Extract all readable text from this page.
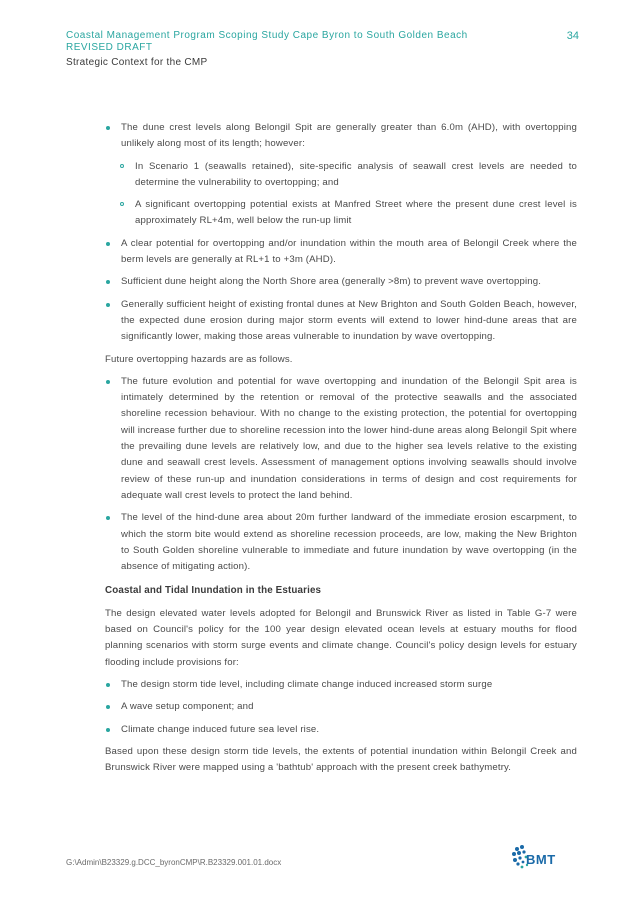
Coastal Management Program Scoping Study Cape Byron to South Golden Beach REVISED DRAFT
34
Strategic Context for the CMP
The dune crest levels along Belongil Spit are generally greater than 6.0m (AHD), with overtopping unlikely along most of its length; however:
In Scenario 1 (seawalls retained), site-specific analysis of seawall crest levels are needed to determine the vulnerability to overtopping; and
A significant overtopping potential exists at Manfred Street where the present dune crest level is approximately RL+4m, well below the run-up limit
A clear potential for overtopping and/or inundation within the mouth area of Belongil Creek where the berm levels are generally at RL+1 to +3m (AHD).
Sufficient dune height along the North Shore area (generally >8m) to prevent wave overtopping.
Generally sufficient height of existing frontal dunes at New Brighton and South Golden Beach, however, the expected dune erosion during major storm events will extend to lower hind-dune areas that are significantly lower, making those areas vulnerable to inundation by wave overtopping.
Future overtopping hazards are as follows.
The future evolution and potential for wave overtopping and inundation of the Belongil Spit area is intimately determined by the retention or removal of the protective seawalls and the associated shoreline recession behaviour. With no change to the existing protection, the potential for overtopping will increase further due to shoreline recession into the lower hind-dune areas along Belongil Spit where the prevailing dune levels are relatively low, and due to the higher sea levels relative to the existing dune and seawall crest levels. Assessment of management options involving seawalls should involve review of these run-up and inundation considerations in terms of design and cost requirements for adequate wall crest levels to protect the land behind.
The level of the hind-dune area about 20m further landward of the immediate erosion escarpment, to which the storm bite would extend as shoreline recession proceeds, are low, making the New Brighton to South Golden shoreline vulnerable to immediate and future inundation by wave overtopping (in the absence of mitigating action).
Coastal and Tidal Inundation in the Estuaries
The design elevated water levels adopted for Belongil and Brunswick River as listed in Table G-7 were based on Council's policy for the 100 year design elevated ocean levels at estuary mouths for flood planning scenarios with storm surge events and climate change. Council's policy design levels for estuary flooding include provisions for:
The design storm tide level, including climate change induced increased storm surge
A wave setup component; and
Climate change induced future sea level rise.
Based upon these design storm tide levels, the extents of potential inundation within Belongil Creek and Brunswick River were mapped using a 'bathtub' approach with the present creek bathymetry.
G:\Admin\B23329.g.DCC_byronCMP\R.B23329.001.01.docx	BMT
